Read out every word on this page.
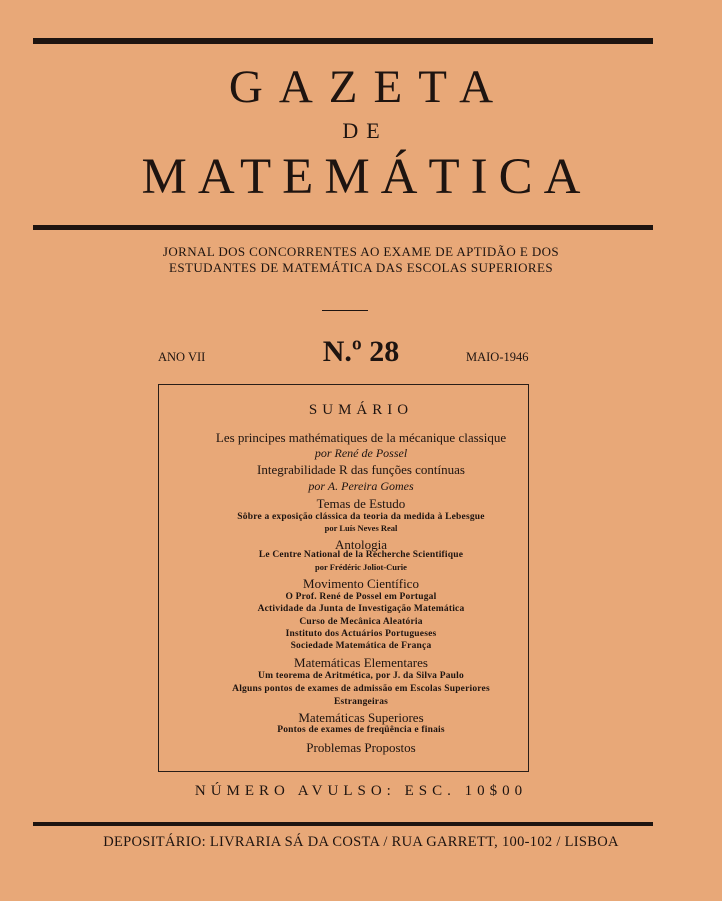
GAZETA
DE
MATEMÁTICA
JORNAL DOS CONCORRENTES AO EXAME DE APTIDÃO E DOS
ESTUDANTES DE MATEMÁTICA DAS ESCOLAS SUPERIORES
ANO VII	N.º 28	MAIO-1946
SUMÁRIO
Les principes mathématiques de la mécanique classique
por René de Possel
Integrabilidade R das funções contínuas
por A. Pereira Gomes
Temas de Estudo
Sôbre a exposição clássica da teoria da medida à Lebesgue
por Luís Neves Real
Antologia
Le Centre National de la Recherche Scientifique
por Frédéric Joliot-Curie
Movimento Científico
O Prof. René de Possel em Portugal
Actividade da Junta de Investigação Matemática
Curso de Mecânica Aleatória
Instituto dos Actuários Portugueses
Sociedade Matemática de França
Matemáticas Elementares
Um teorema de Aritmética, por J. da Silva Paulo
Alguns pontos de exames de admissão em Escolas Superiores
Estrangeiras
Matemáticas Superiores
Pontos de exames de freqüência e finais
Problemas Propostos
NÚMERO AVULSO: ESC. 10$00
DEPOSITÁRIO: LIVRARIA SÁ DA COSTA / RUA GARRETT, 100-102 / LISBOA
